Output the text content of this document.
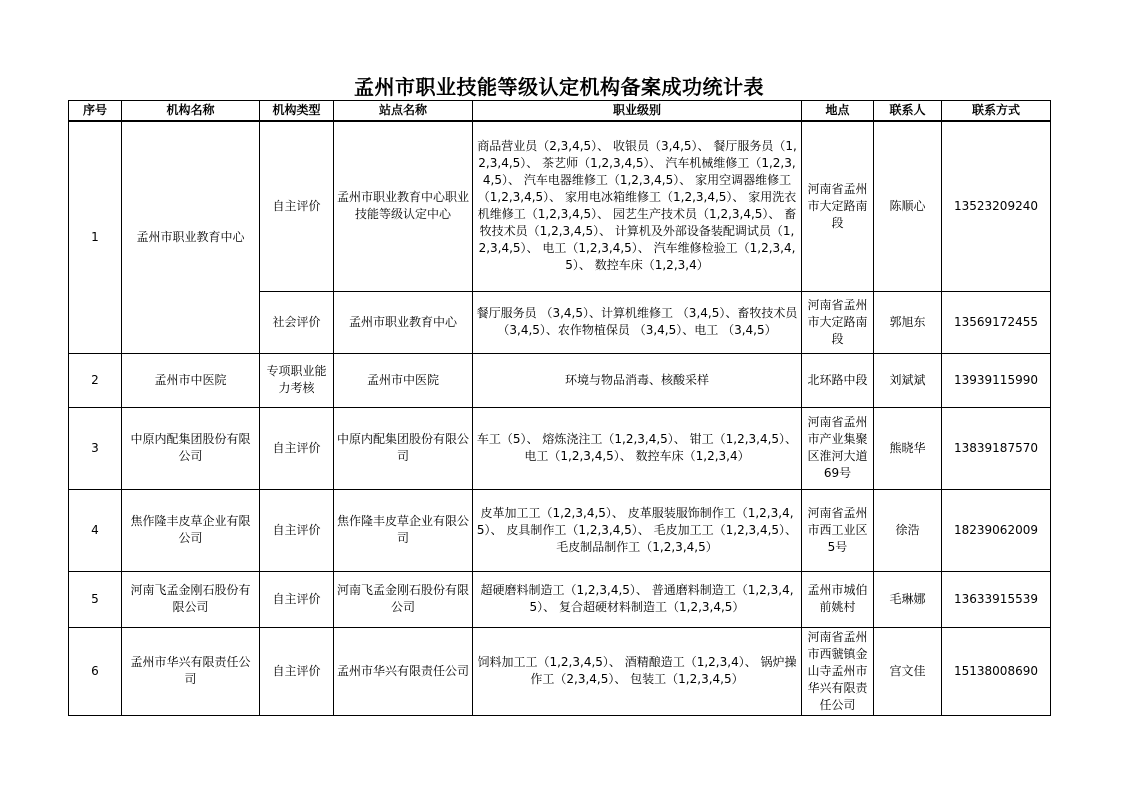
孟州市职业技能等级认定机构备案成功统计表
序号	机构名称	机构类型	站点名称	职业级别	地点	联系人	联系方式
1	孟州市职业教育中心	自主评价	孟州市职业教育中心职业技能等级认定中心	商品营业员（2,3,4,5）、 收银员（3,4,5）、 餐厅服务员（1,2,3,4,5）、 茶艺师（1,2,3,4,5）、 汽车机械维修工（1,2,3,4,5）、 汽车电器维修工（1,2,3,4,5）、 家用空调器维修工（1,2,3,4,5）、 家用电冰箱维修工（1,2,3,4,5）、 家用洗衣机维修工（1,2,3,4,5）、 园艺生产技术员（1,2,3,4,5）、 畜牧技术员（1,2,3,4,5）、 计算机及外部设备装配调试员（1,2,3,4,5）、 电工（1,2,3,4,5）、 汽车维修检验工（1,2,3,4,5）、 数控车床（1,2,3,4）	河南省孟州市大定路南段	陈顺心	13523209240
		社会评价	孟州市职业教育中心	餐厅服务员 （3,4,5）、计算机维修工 （3,4,5）、畜牧技术员 （3,4,5）、农作物植保员 （3,4,5）、电工 （3,4,5）	河南省孟州市大定路南段	郭旭东	13569172455
2	孟州市中医院	专项职业能力考核	孟州市中医院	环境与物品消毒、核酸采样	北环路中段	刘斌斌	13939115990
3	中原内配集团股份有限公司	自主评价	中原内配集团股份有限公司	车工（5）、 熔炼浇注工（1,2,3,4,5）、 钳工（1,2,3,4,5）、 电工（1,2,3,4,5）、 数控车床（1,2,3,4）	河南省孟州市产业集聚区淮河大道69号	熊晓华	13839187570
4	焦作隆丰皮草企业有限公司	自主评价	焦作隆丰皮草企业有限公司	皮革加工工（1,2,3,4,5）、 皮革服装服饰制作工（1,2,3,4,5）、 皮具制作工（1,2,3,4,5）、 毛皮加工工（1,2,3,4,5）、 毛皮制品制作工（1,2,3,4,5）	河南省孟州市西工业区5号	徐浩	18239062009
5	河南飞孟金刚石股份有限公司	自主评价	河南飞孟金刚石股份有限公司	超硬磨料制造工（1,2,3,4,5）、 普通磨料制造工（1,2,3,4,5）、 复合超硬材料制造工（1,2,3,4,5）	孟州市城伯前姚村	毛琳娜	13633915539
6	孟州市华兴有限责任公司	自主评价	孟州市华兴有限责任公司	饲料加工工（1,2,3,4,5）、 酒精酿造工（1,2,3,4）、 锅炉操作工（2,3,4,5）、 包装工（1,2,3,4,5）	河南省孟州市西虢镇金山寺孟州市华兴有限责任公司	宫文佳	15138008690
